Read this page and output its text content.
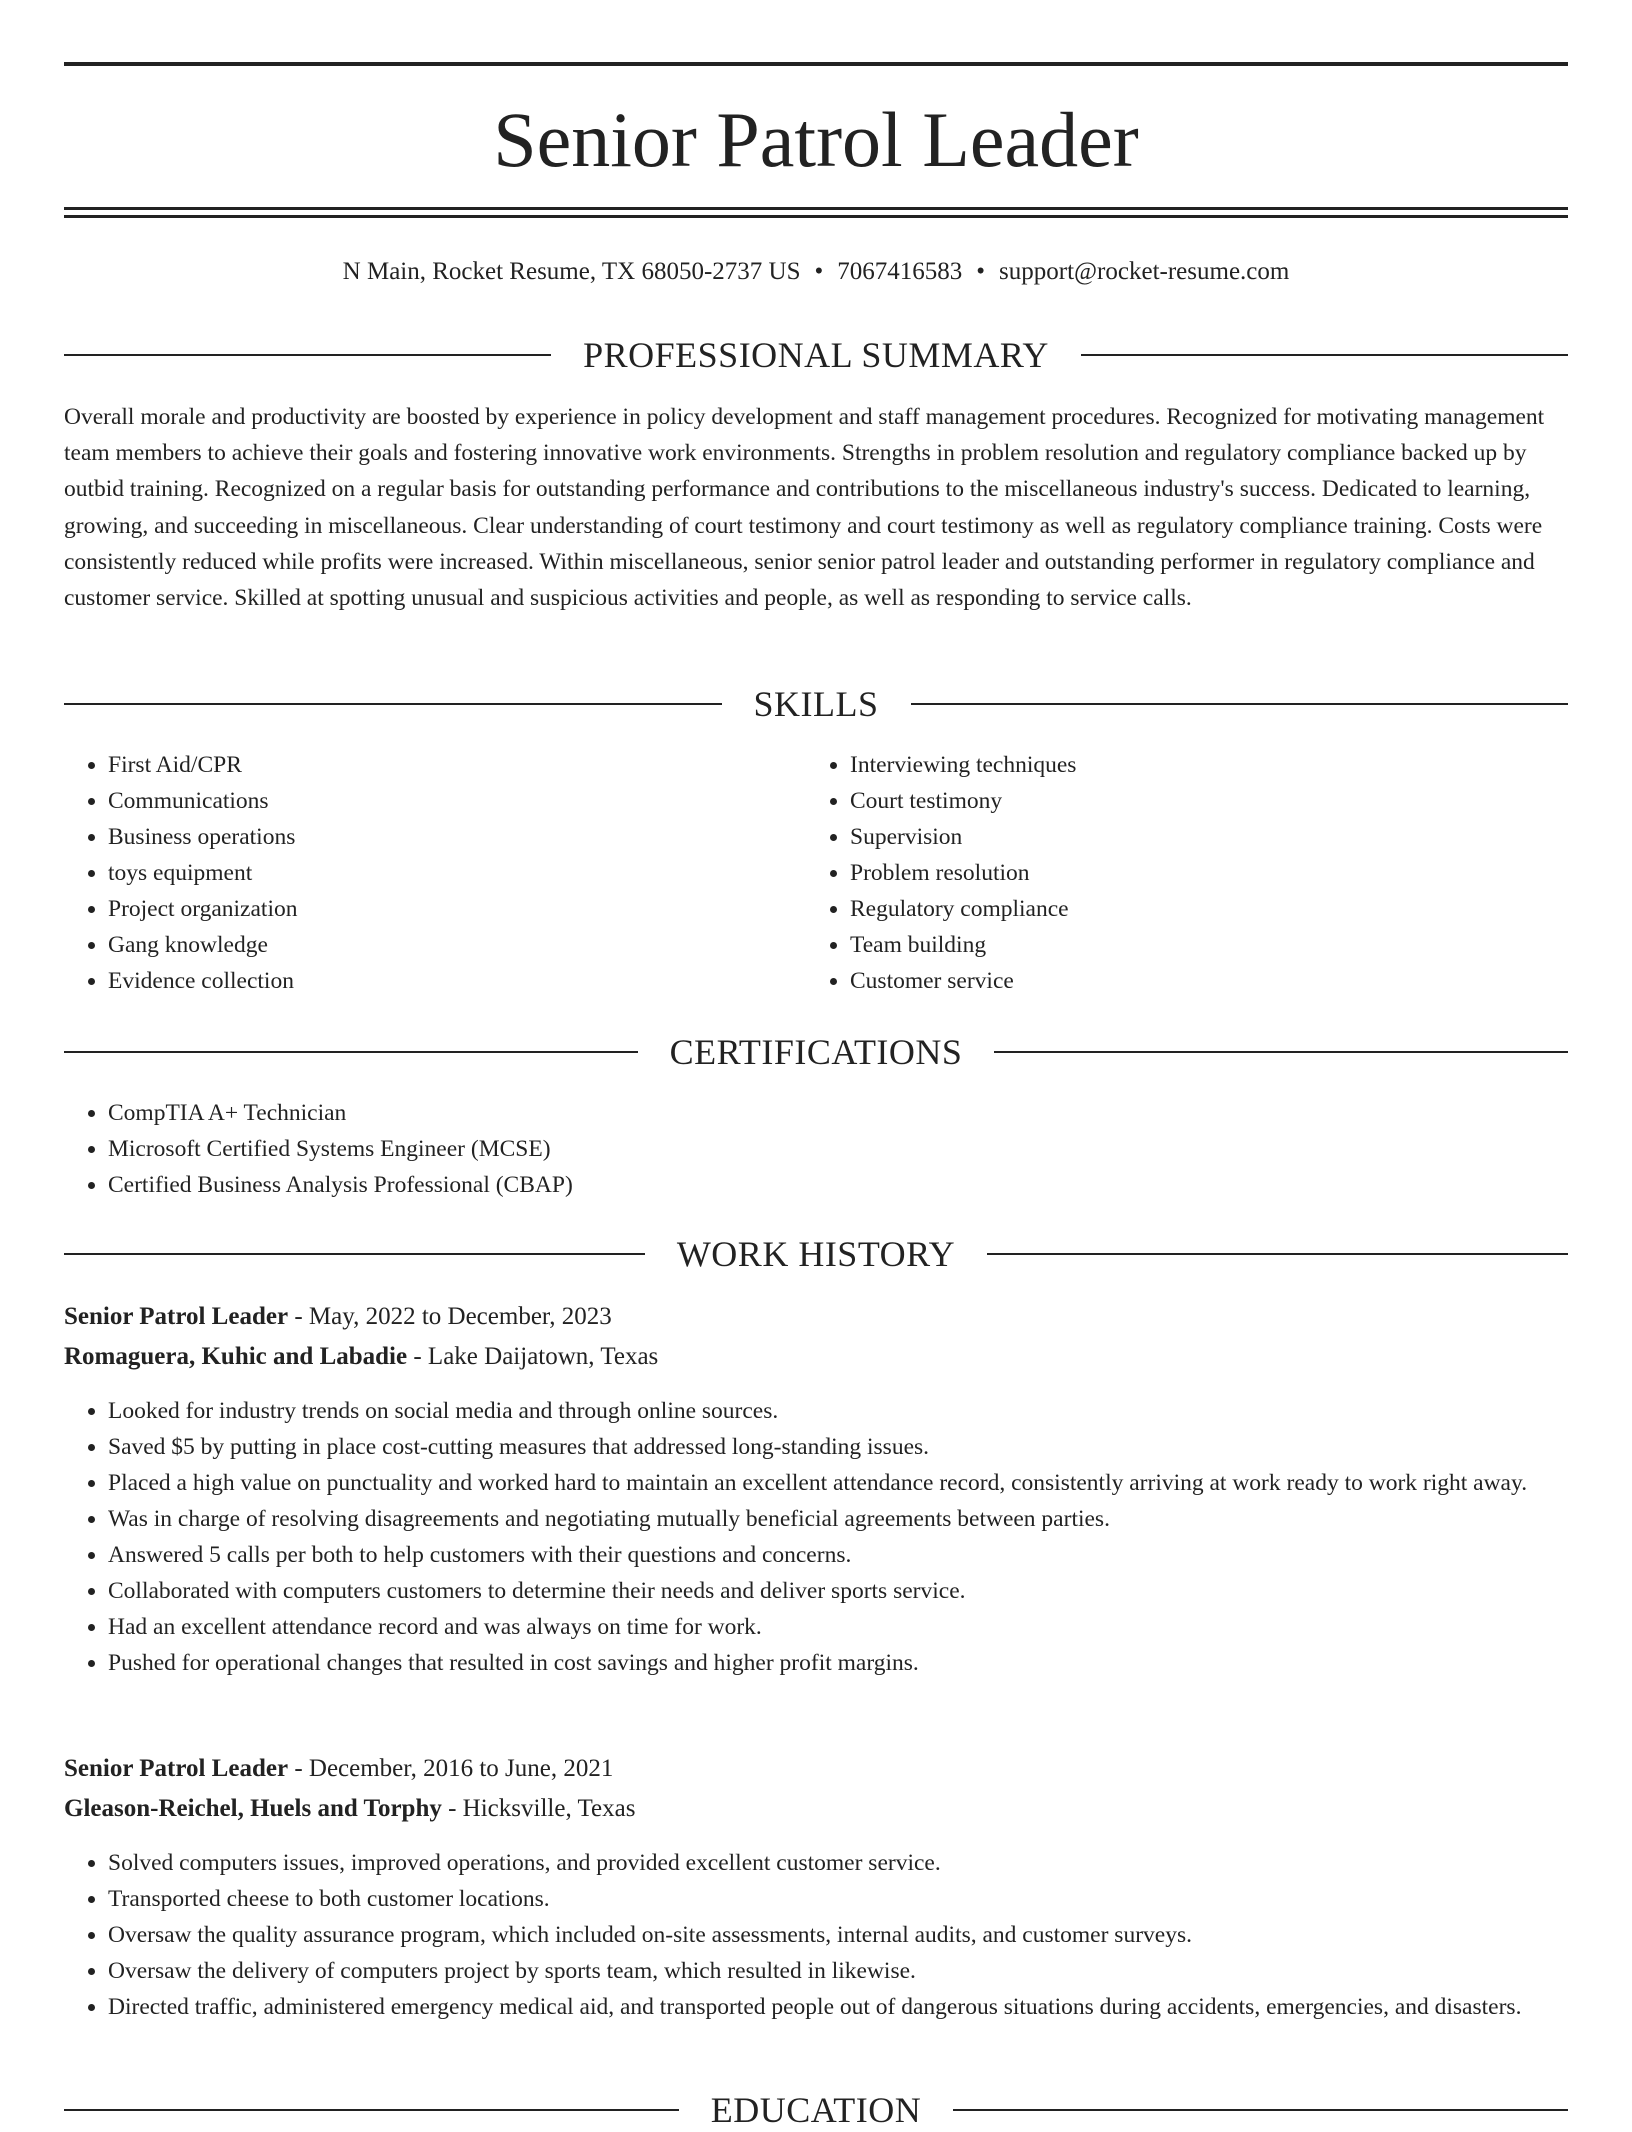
Senior Patrol Leader
N Main, Rocket Resume, TX 68050-2737 US • 7067416583 • support@rocket-resume.com
PROFESSIONAL SUMMARY
Overall morale and productivity are boosted by experience in policy development and staff management procedures. Recognized for motivating management team members to achieve their goals and fostering innovative work environments. Strengths in problem resolution and regulatory compliance backed up by outbid training. Recognized on a regular basis for outstanding performance and contributions to the miscellaneous industry's success. Dedicated to learning, growing, and succeeding in miscellaneous. Clear understanding of court testimony and court testimony as well as regulatory compliance training. Costs were consistently reduced while profits were increased. Within miscellaneous, senior senior patrol leader and outstanding performer in regulatory compliance and customer service. Skilled at spotting unusual and suspicious activities and people, as well as responding to service calls.
SKILLS
• First Aid/CPR
• Communications
• Business operations
• toys equipment
• Project organization
• Gang knowledge
• Evidence collection
• Interviewing techniques
• Court testimony
• Supervision
• Problem resolution
• Regulatory compliance
• Team building
• Customer service
CERTIFICATIONS
• CompTIA A+ Technician
• Microsoft Certified Systems Engineer (MCSE)
• Certified Business Analysis Professional (CBAP)
WORK HISTORY
Senior Patrol Leader - May, 2022 to December, 2023
Romaguera, Kuhic and Labadie - Lake Daijatown, Texas
• Looked for industry trends on social media and through online sources.
• Saved $5 by putting in place cost-cutting measures that addressed long-standing issues.
• Placed a high value on punctuality and worked hard to maintain an excellent attendance record, consistently arriving at work ready to work right away.
• Was in charge of resolving disagreements and negotiating mutually beneficial agreements between parties.
• Answered 5 calls per both to help customers with their questions and concerns.
• Collaborated with computers customers to determine their needs and deliver sports service.
• Had an excellent attendance record and was always on time for work.
• Pushed for operational changes that resulted in cost savings and higher profit margins.
Senior Patrol Leader - December, 2016 to June, 2021
Gleason-Reichel, Huels and Torphy - Hicksville, Texas
• Solved computers issues, improved operations, and provided excellent customer service.
• Transported cheese to both customer locations.
• Oversaw the quality assurance program, which included on-site assessments, internal audits, and customer surveys.
• Oversaw the delivery of computers project by sports team, which resulted in likewise.
• Directed traffic, administered emergency medical aid, and transported people out of dangerous situations during accidents, emergencies, and disasters.
EDUCATION
